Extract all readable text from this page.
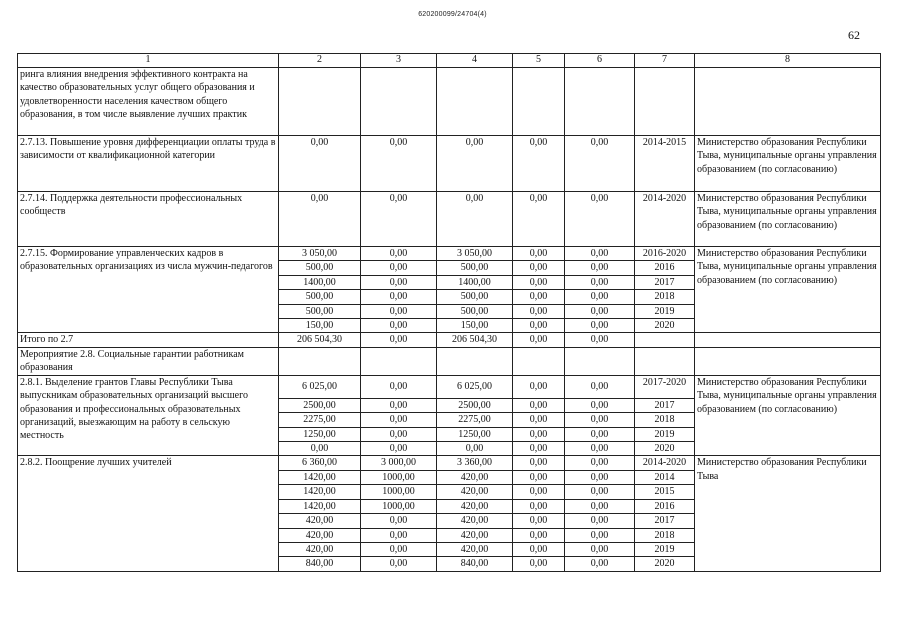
620200099/24704(4)
62
1	2	3	4	5	6	7	8
ринга влияния внедрения эффективного контракта на качество образовательных услуг общего образования и удовлетворенности населения качеством общего образования, в том числе выявление лучших практик							
2.7.13. Повышение уровня дифференциации оплаты труда в зависимости от квалификационной категории	0,00	0,00	0,00	0,00	0,00	2014-2015	Министерство образования Республики Тыва, муниципальные органы управления образованием (по согласованию)
2.7.14. Поддержка деятельности профессиональных сообществ	0,00	0,00	0,00	0,00	0,00	2014-2020	Министерство образования Республики Тыва, муниципальные органы управления образованием (по согласованию)
2.7.15. Формирование управленческих кадров в образовательных организациях из числа мужчин-педагогов	3 050,00	0,00	3 050,00	0,00	0,00	2016-2020	Министерство образования Республики Тыва, муниципальные органы управления образованием (по согласованию)
	500,00	0,00	500,00	0,00	0,00	2016	
	1400,00	0,00	1400,00	0,00	0,00	2017	
	500,00	0,00	500,00	0,00	0,00	2018	
	500,00	0,00	500,00	0,00	0,00	2019	
	150,00	0,00	150,00	0,00	0,00	2020	
Итого по 2.7	206 504,30	0,00	206 504,30	0,00	0,00		
Мероприятие 2.8. Социальные гарантии работникам образования							
2.8.1. Выделение грантов Главы Республики Тыва выпускникам образовательных организаций высшего образования и профессиональных образовательных организаций, выезжающим на работу в сельскую местность	6 025,00	0,00	6 025,00	0,00	0,00	2017-2020	Министерство образования Республики Тыва, муниципальные органы управления образованием (по согласованию)
	2500,00	0,00	2500,00	0,00	0,00	2017	
	2275,00	0,00	2275,00	0,00	0,00	2018	
	1250,00	0,00	1250,00	0,00	0,00	2019	
	0,00	0,00	0,00	0,00	0,00	2020	
2.8.2. Поощрение лучших учителей	6 360,00	3 000,00	3 360,00	0,00	0,00	2014-2020	Министерство образования Республики Тыва
	1420,00	1000,00	420,00	0,00	0,00	2014	
	1420,00	1000,00	420,00	0,00	0,00	2015	
	1420,00	1000,00	420,00	0,00	0,00	2016	
	420,00	0,00	420,00	0,00	0,00	2017	
	420,00	0,00	420,00	0,00	0,00	2018	
	420,00	0,00	420,00	0,00	0,00	2019	
	840,00	0,00	840,00	0,00	0,00	2020	
